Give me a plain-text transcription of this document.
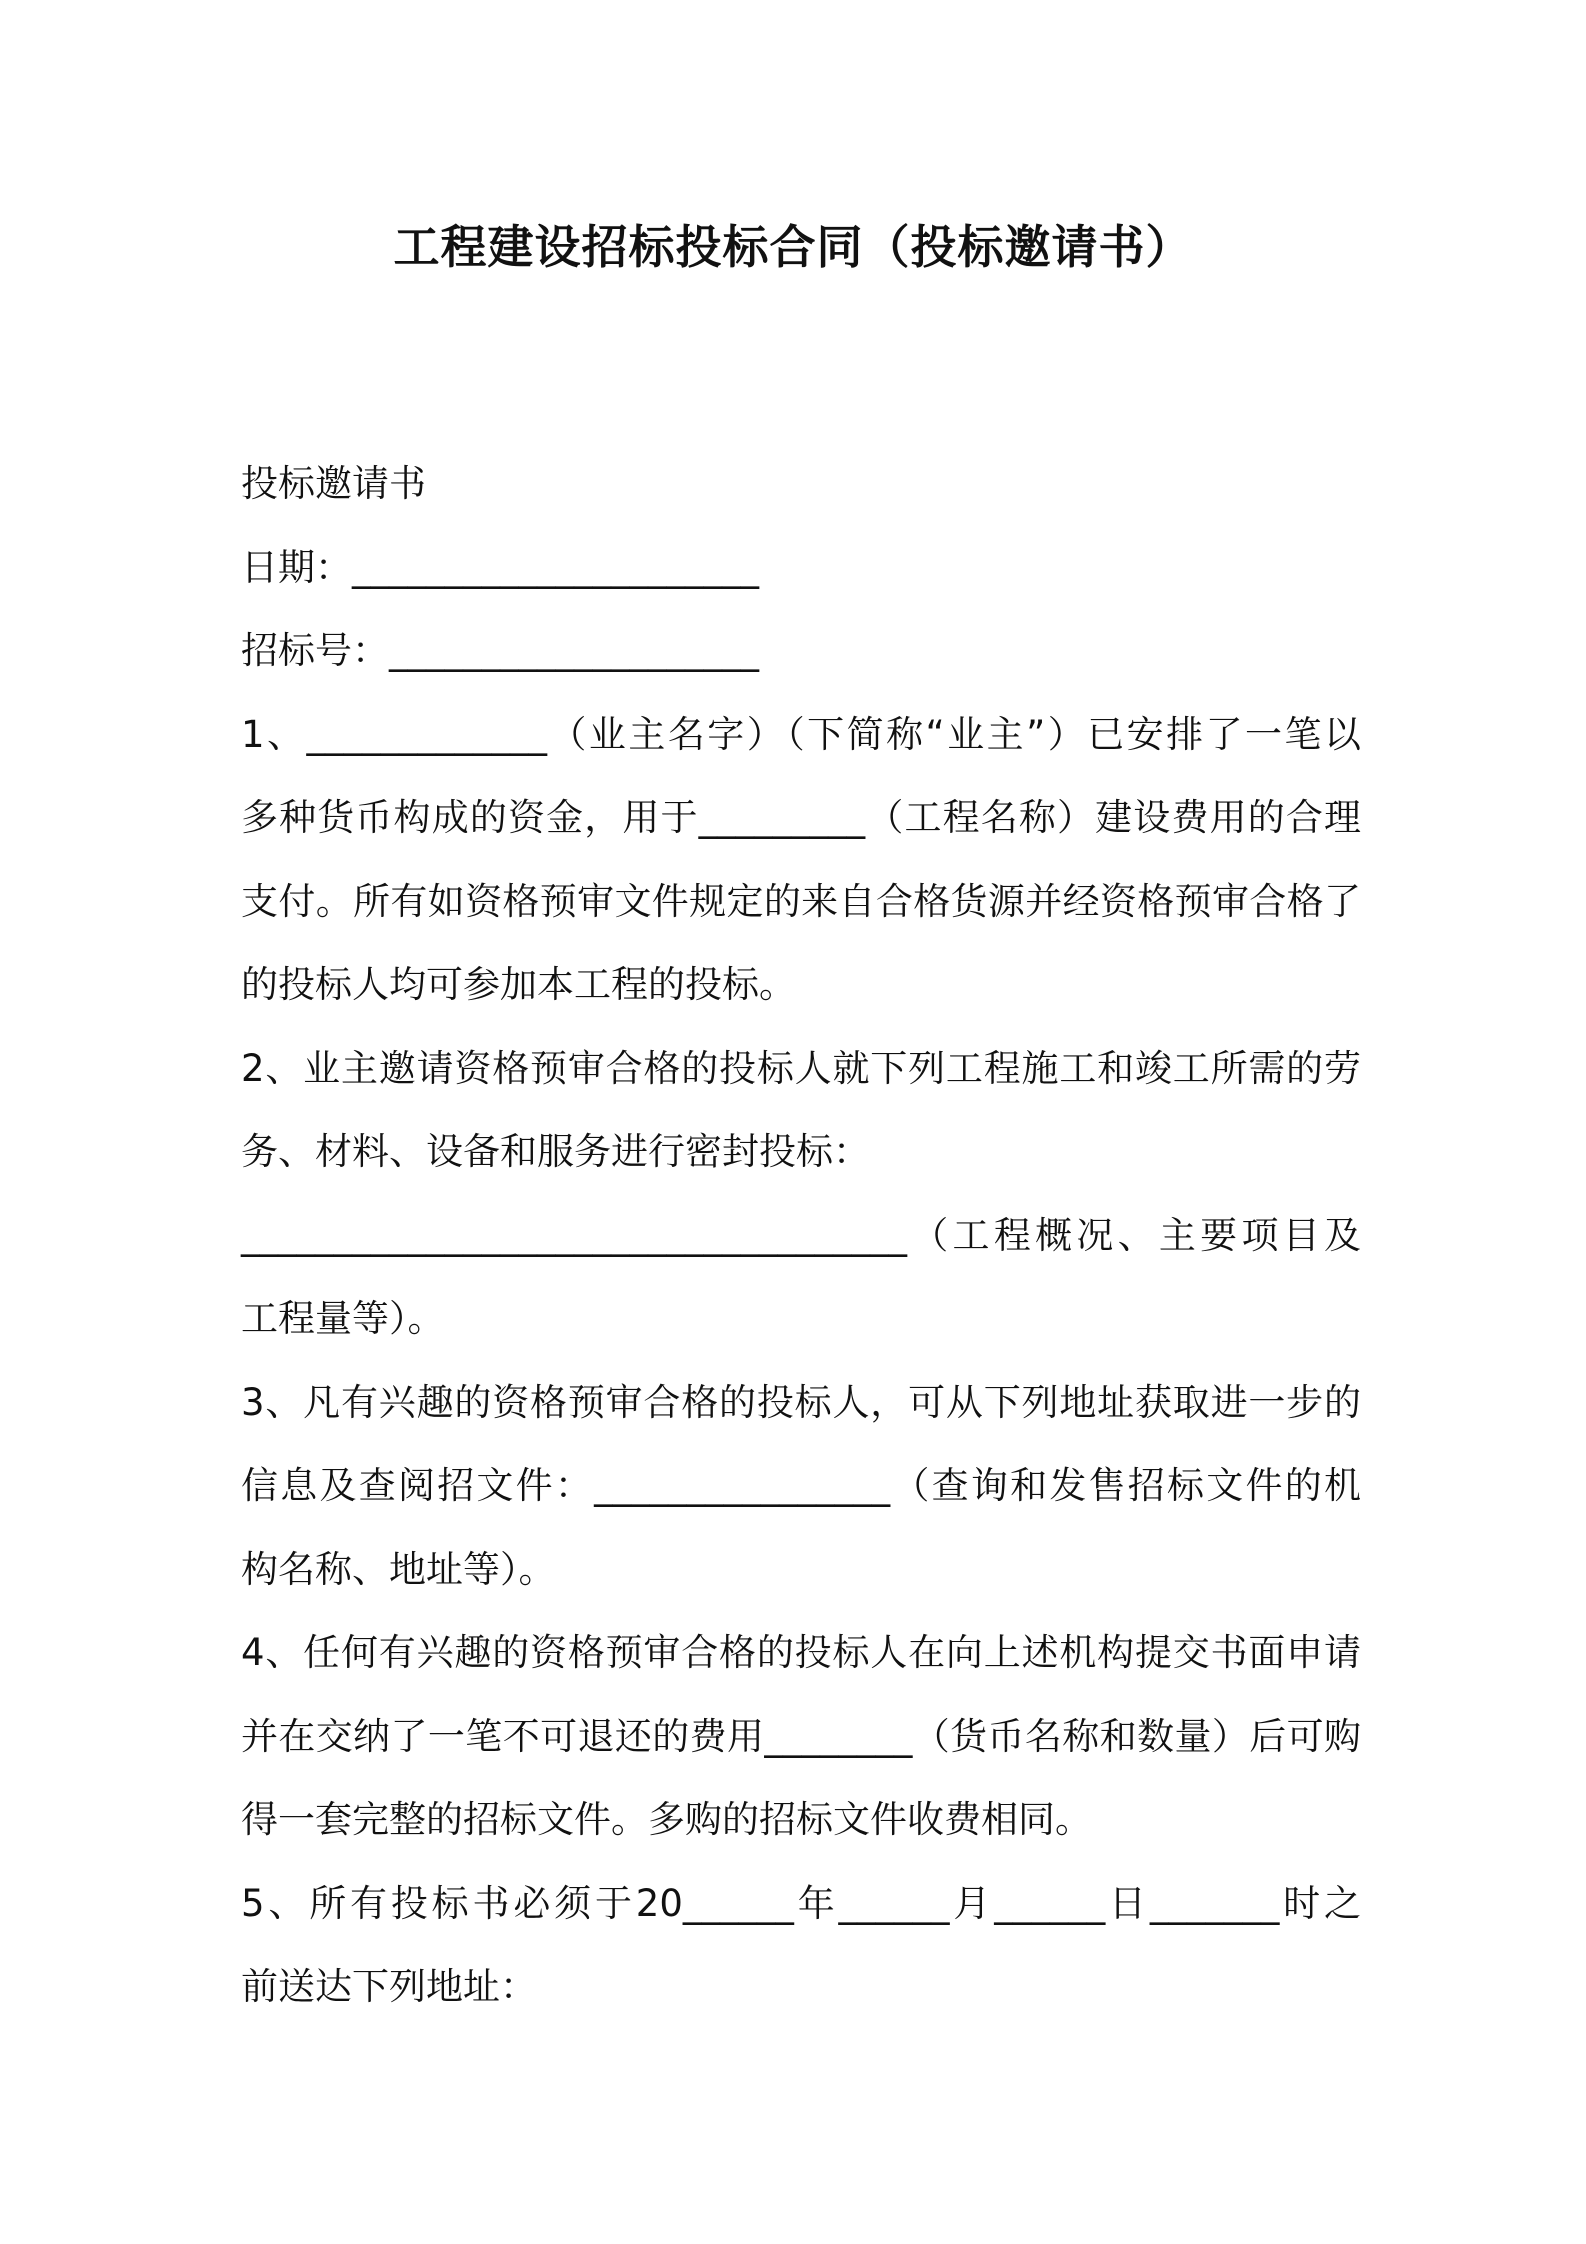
工程建设招标投标合同（投标邀请书）
投标邀请书
日期：______________________
招标号：____________________
1、_____________（业主名字）（下简称“业主”）已安排了一笔以
多种货币构成的资金，用于_________（工程名称）建设费用的合理
支付。所有如资格预审文件规定的来自合格货源并经资格预审合格了
的投标人均可参加本工程的投标。
2、业主邀请资格预审合格的投标人就下列工程施工和竣工所需的劳
务、材料、设备和服务进行密封投标：
____________________________________（工程概况、主要项目及
工程量等）。
3、凡有兴趣的资格预审合格的投标人，可从下列地址获取进一步的
信息及查阅招文件：________________（查询和发售招标文件的机
构名称、地址等）。
4、任何有兴趣的资格预审合格的投标人在向上述机构提交书面申请
并在交纳了一笔不可退还的费用________（货币名称和数量）后可购
得一套完整的招标文件。多购的招标文件收费相同。
5、所有投标书必须于20______年______月______日_______时之
前送达下列地址：
